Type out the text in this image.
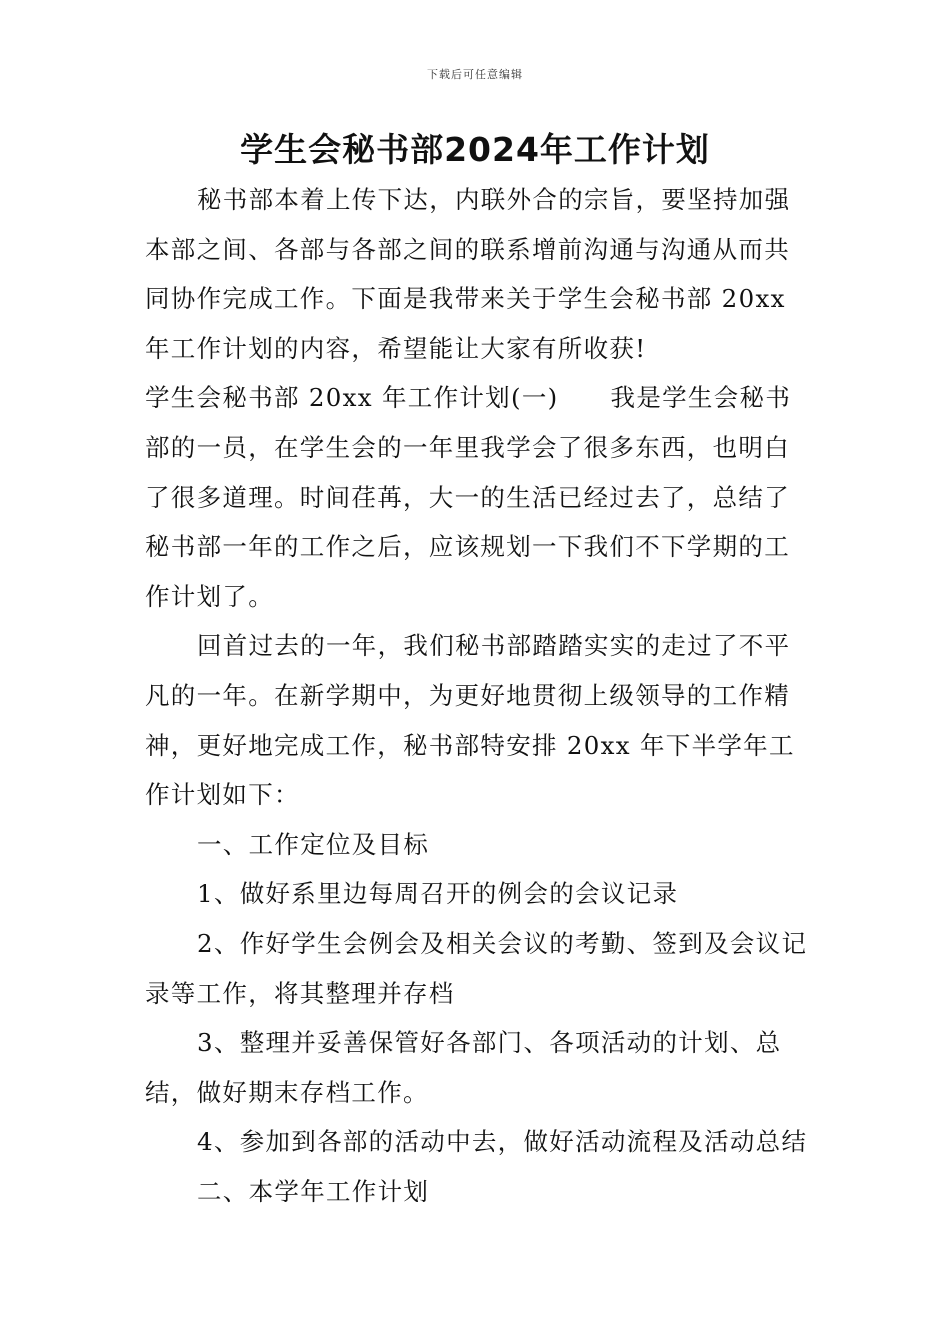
下载后可任意编辑
学生会秘书部2024年工作计划

秘书部本着上传下达，内联外合的宗旨，要坚持加强本部之间、各部与各部之间的联系增前沟通与沟通从而共同协作完成工作。下面是我带来关于学生会秘书部 20xx 年工作计划的内容，希望能让大家有所收获!

学生会秘书部 20xx 年工作计划(一) 我是学生会秘书部的一员，在学生会的一年里我学会了很多东西，也明白了很多道理。时间荏苒，大一的生活已经过去了，总结了秘书部一年的工作之后，应该规划一下我们不下学期的工作计划了。

回首过去的一年，我们秘书部踏踏实实的走过了不平凡的一年。在新学期中，为更好地贯彻上级领导的工作精神，更好地完成工作，秘书部特安排 20xx 年下半学年工作计划如下：

一、工作定位及目标

1、做好系里边每周召开的例会的会议记录

2、作好学生会例会及相关会议的考勤、签到及会议记录等工作，将其整理并存档

3、整理并妥善保管好各部门、各项活动的计划、总结，做好期末存档工作。

4、参加到各部的活动中去，做好活动流程及活动总结

二、本学年工作计划
